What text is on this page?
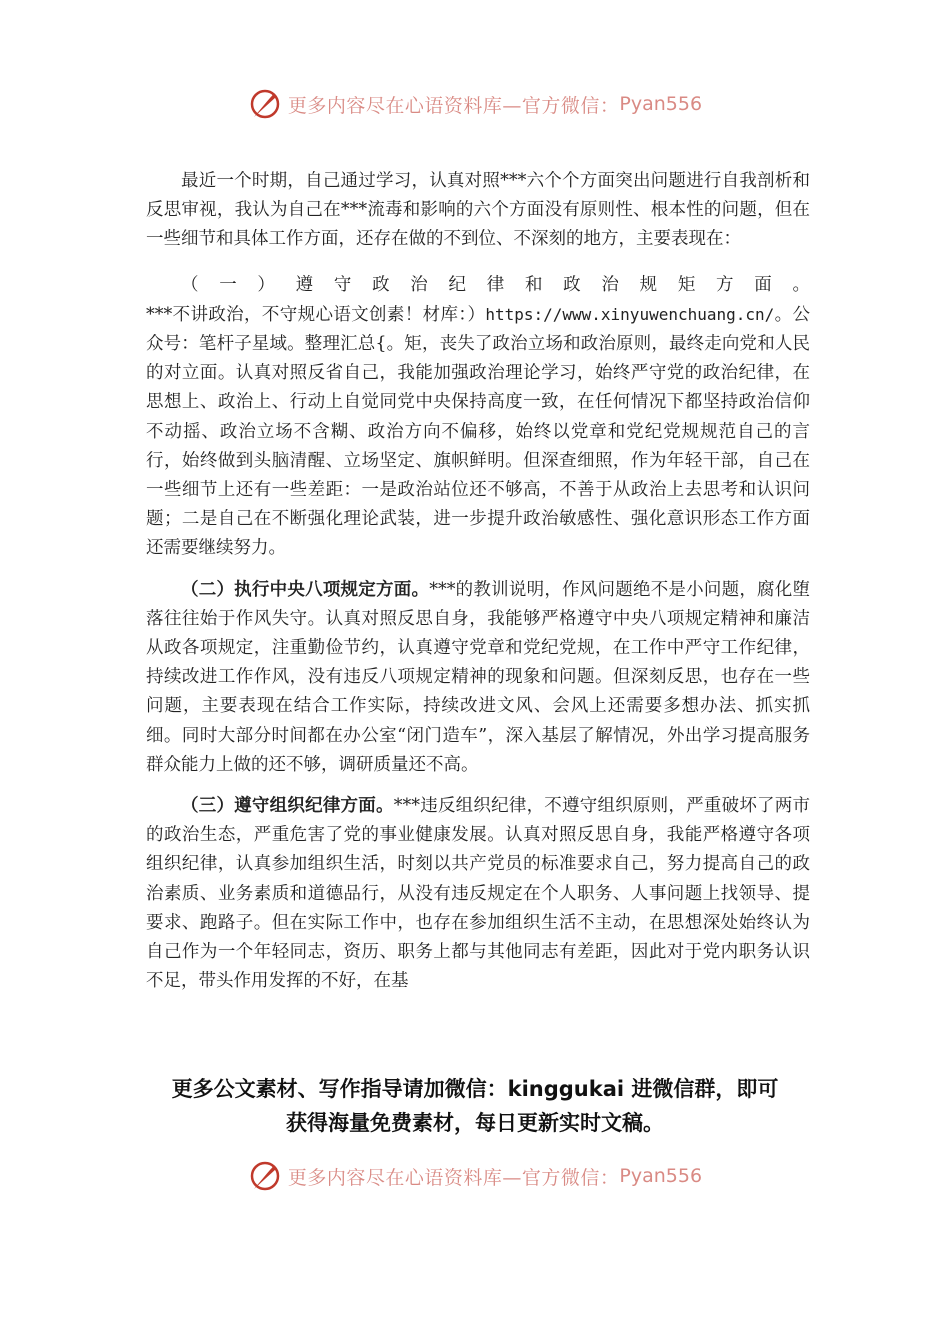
更多内容尽在心语资料库—官方微信： Pyan556

最近一个时期，自己通过学习，认真对照***六个个方面突出问题进行自我剖析和反思审视，我认为自己在***流毒和影响的六个方面没有原则性、根本性的问题，但在一些细节和具体工作方面，还存在做的不到位、不深刻的地方，主要表现在：

（一）遵守政治纪律和政治规矩方面。***不讲政治，不守规心语文创素！材库：）https://www.xinyuwenchuang.cn/。公众号：笔杆子星域。整理汇总{。矩，丧失了政治立场和政治原则，最终走向党和人民的对立面。认真对照反省自己，我能加强政治理论学习，始终严守党的政治纪律，在思想上、政治上、行动上自觉同党中央保持高度一致，在任何情况下都坚持政治信仰不动摇、政治立场不含糊、政治方向不偏移，始终以党章和党纪党规规范自己的言行，始终做到头脑清醒、立场坚定、旗帜鲜明。但深查细照，作为年轻干部，自己在一些细节上还有一些差距：一是政治站位还不够高，不善于从政治上去思考和认识问题；二是自己在不断强化理论武装，进一步提升政治敏感性、强化意识形态工作方面还需要继续努力。

（二）执行中央八项规定方面。***的教训说明，作风问题绝不是小问题，腐化堕落往往始于作风失守。认真对照反思自身，我能够严格遵守中央八项规定精神和廉洁从政各项规定，注重勤俭节约，认真遵守党章和党纪党规，在工作中严守工作纪律，持续改进工作作风，没有违反八项规定精神的现象和问题。但深刻反思，也存在一些问题，主要表现在结合工作实际，持续改进文风、会风上还需要多想办法、抓实抓细。同时大部分时间都在办公室“闭门造车”，深入基层了解情况，外出学习提高服务群众能力上做的还不够，调研质量还不高。

（三）遵守组织纪律方面。***违反组织纪律，不遵守组织原则，严重破坏了两市的政治生态，严重危害了党的事业健康发展。认真对照反思自身，我能严格遵守各项组织纪律，认真参加组织生活，时刻以共产党员的标准要求自己，努力提高自己的政治素质、业务素质和道德品行，从没有违反规定在个人职务、人事问题上找领导、提要求、跑路子。但在实际工作中，也存在参加组织生活不主动，在思想深处始终认为自己作为一个年轻同志，资历、职务上都与其他同志有差距，因此对于党内职务认识不足，带头作用发挥的不好，在基

更多公文素材、写作指导请加微信：kinggukai 进微信群，即可
获得海量免费素材，每日更新实时文稿。
更多内容尽在心语资料库—官方微信： Pyan556
